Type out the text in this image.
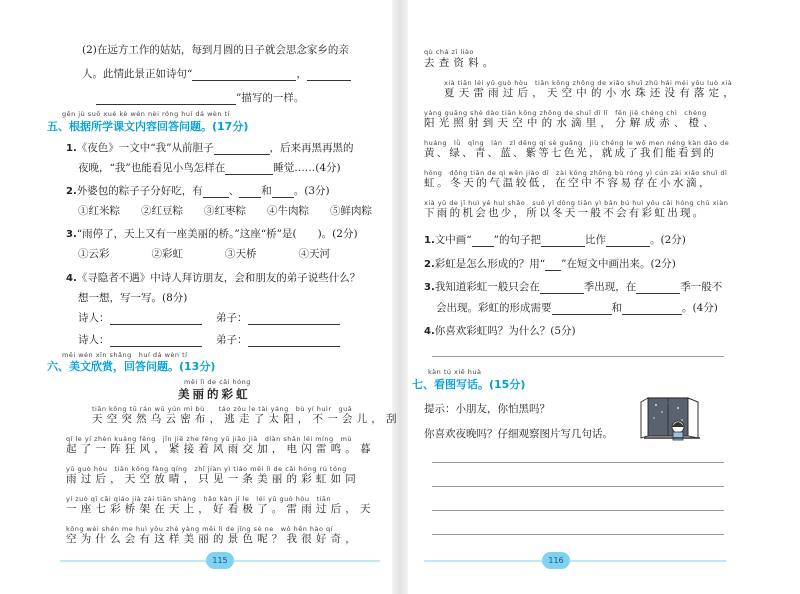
(2)在远方工作的姑姑，每到月圆的日子就会思念家乡的亲
人。此情此景正如诗句“	，
”描写的一样。
gēn jù suǒ xué kè wén nèi róng huí dá wèn tí
五、根据所学课文内容回答问题。(17分)
1.《夜色》一文中“我”从前胆子	，后来再黑再黑的
夜晚，“我”也能看见小鸟怎样在	睡觉……(4分)
2.外婆包的粽子子分好吃，有 、 和 。(3分)
①红米粽　　②红豆粽　　③红枣粽　　④牛肉粽　　⑤鲜肉粽
3.“雨停了，天上又有一座美丽的桥。”这座“桥”是(　　)。(2分)
①云彩　　　　②彩虹　　　　③天桥　　　　④天河
4.《寻隐者不遇》中诗人拜访朋友，会和朋友的弟子说些什么？
想一想，写一写。(8分)
诗人：	弟子：
诗人：	弟子：
měi wén xīn shǎng　huí dá wèn tí
六、美文欣赏，回答问题。(13分)
měi lì de cǎi hóng
美丽的彩虹
tiān kōng tū rán wū yún mì bù　　táo zǒu le tài yáng　bù yí huìr　guā
天空突然乌云密布，逃走了太阳，不一会儿，刮
qǐ le yí zhèn kuáng fēng　jǐn jiē zhe fēng yǔ jiāo jiā　diàn shǎn léi míng　mù
起了一阵狂风，紧接着风雨交加，电闪雷鸣。暮
yǔ guò hòu　tiān kōng fàng qíng　zhǐ jiàn yì tiáo měi lì de cǎi hóng rú tóng
雨过后，天空放晴，只见一条美丽的彩虹如同
yí zuò qī cǎi qiáo jià zài tiān shàng　hǎo kàn jí le　léi yǔ guò hòu　tiān
一座七彩桥架在天上，好看极了。雷雨过后，天
kōng wèi shén me huì yǒu zhè yàng měi lì de jǐng sè ne　wǒ hěn hào qí
空为什么会有这样美丽的景色呢？我很好奇，
115
qù chá zī liào
去查资料。
xià tiān léi yǔ guò hòu　tiān kōng zhōng de xiǎo shuǐ zhū hái méi yǒu luò xià
夏天雷雨过后，天空中的小水珠还没有落定，
yáng guāng shè dào tiān kōng zhōng de shuǐ dī lǐ　fēn jiě chéng chì　chéng
阳光照射到天空中的水滴里，分解成赤、橙、
huáng　lǜ　qīng　lán　zǐ děng qī sè guāng　jiù chéng le wǒ men néng kàn dào de
黄、绿、青、蓝、紫等七色光，就成了我们能看到的
hóng　dōng tiān de qì wēn jiào dī　zài kōng zhōng bù róng yì cún zài xiǎo shuǐ dī
虹。冬天的气温较低，在空中不容易存在小水滴，
xià yǔ de jī huì yě huì shǎo　suǒ yǐ dōng tiān yì bān bú huì yǒu cǎi hóng chū xiàn
下雨的机会也少，所以冬天一般不会有彩虹出现。
1.文中画“ ”的句子把	比作	。(2分)
2.彩虹是怎么形成的？用“ ”在短文中画出来。(2分)
3.我知道彩虹一般只会在	季出现，在	季一般不
会出现。彩虹的形成需要	和	。(4分)
4.你喜欢彩虹吗？为什么？(5分)
kàn tú xiě huà
七、看图写话。(15分)
提示：小朋友，你怕黑吗？
你喜欢夜晚吗？仔细观察图片写几句话。
116
